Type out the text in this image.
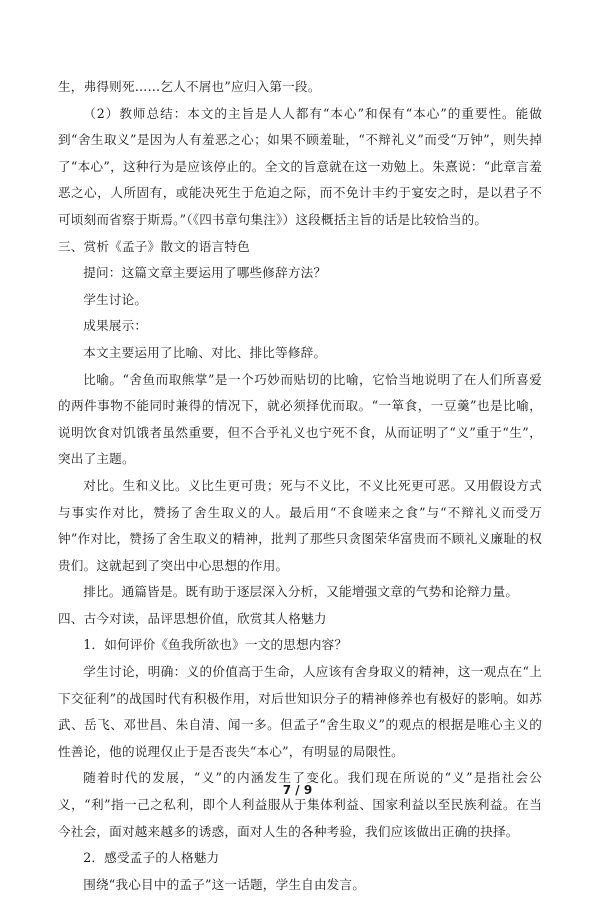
生，弗得则死……乞人不屑也”应归入第一段。

（2）教师总结：本文的主旨是人人都有“本心”和保有“本心”的重要性。能做到“舍生取义”是因为人有羞恶之心；如果不顾羞耻，“不辩礼义”而受“万钟”，则失掉了“本心”，这种行为是应该停止的。全文的旨意就在这一劝勉上。朱熹说：“此章言羞恶之心，人所固有，或能决死生于危迫之际，而不免计丰约于宴安之时，是以君子不可顷刻而省察于斯焉。”（《四书章句集注》）这段概括主旨的话是比较恰当的。

三、赏析《孟子》散文的语言特色

提问：这篇文章主要运用了哪些修辞方法？

学生讨论。

成果展示：

本文主要运用了比喻、对比、排比等修辞。

比喻。“舍鱼而取熊掌”是一个巧妙而贴切的比喻，它恰当地说明了在人们所喜爱的两件事物不能同时兼得的情况下，就必须择优而取。“一箪食，一豆羹”也是比喻，说明饮食对饥饿者虽然重要，但不合乎礼义也宁死不食，从而证明了“义”重于“生”，突出了主题。

对比。生和义比。义比生更可贵；死与不义比，不义比死更可恶。又用假设方式与事实作对比，赞扬了舍生取义的人。最后用“不食嗟来之食”与“不辩礼义而受万钟”作对比，赞扬了舍生取义的精神，批判了那些只贪图荣华富贵而不顾礼义廉耻的权贵们。这就起到了突出中心思想的作用。

排比。通篇皆是。既有助于逐层深入分析，又能增强文章的气势和论辩力量。

四、古今对读，品评思想价值，欣赏其人格魅力

1．如何评价《鱼我所欲也》一文的思想内容？

学生讨论，明确：义的价值高于生命，人应该有舍身取义的精神，这一观点在“上下交征利”的战国时代有积极作用，对后世知识分子的精神修养也有极好的影响。如苏武、岳飞、邓世昌、朱自清、闻一多。但孟子“舍生取义”的观点的根据是唯心主义的性善论，他的说理仅止于是否丧失“本心”，有明显的局限性。

随着时代的发展，“义”的内涵发生了变化。我们现在所说的“义”是指社会公义，“利”指一己之私利，即个人利益服从于集体利益、国家利益以至民族利益。在当今社会，面对越来越多的诱惑，面对人生的各种考验，我们应该做出正确的抉择。

2．感受孟子的人格魅力

围绕“我心目中的孟子”这一话题，学生自由发言。

7 / 9
